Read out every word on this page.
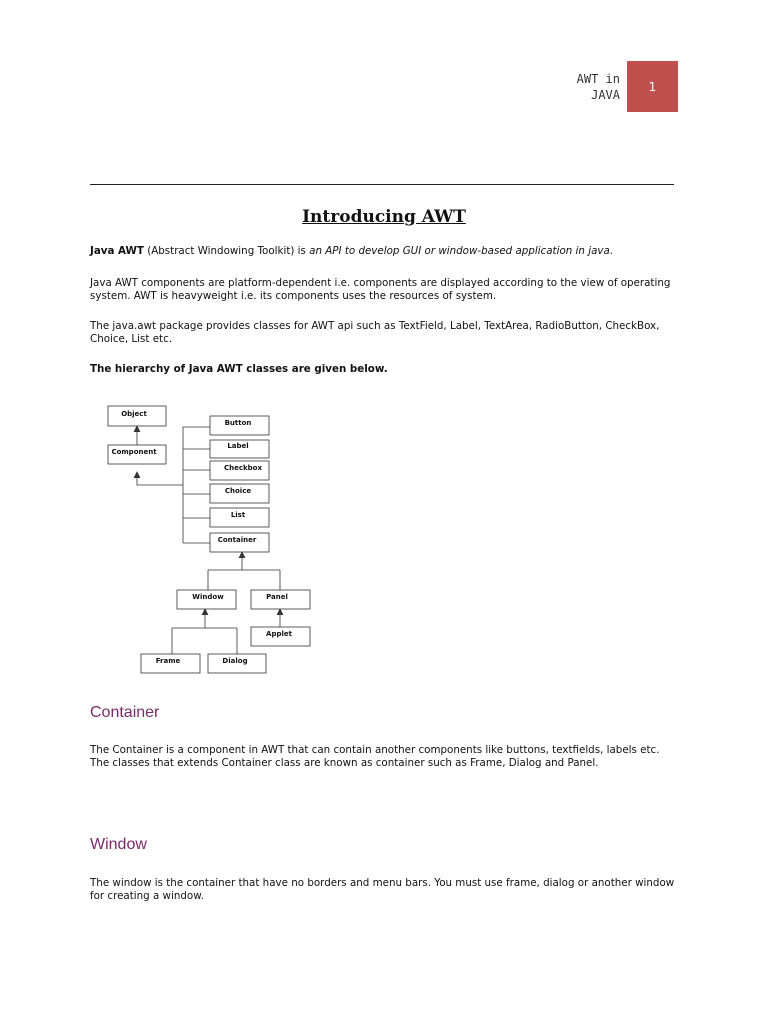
AWT in
JAVA
1
Introducing AWT

Java AWT (Abstract Windowing Toolkit) is an API to develop GUI or window-based application in java.

Java AWT components are platform-dependent i.e. components are displayed according to the view of operating system. AWT is heavyweight i.e. its components uses the resources of system.

The java.awt package provides classes for AWT api such as TextField, Label, TextArea, RadioButton, CheckBox, Choice, List etc.

The hierarchy of Java AWT classes are given below.

Object
Component
Button
Label
Checkbox
Choice
List
Container
Window	Panel
Applet
Frame	Dialog
Container

The Container is a component in AWT that can contain another components like buttons, textfields, labels etc. The classes that extends Container class are known as container such as Frame, Dialog and Panel.

Window

The window is the container that have no borders and menu bars. You must use frame, dialog or another window for creating a window.
